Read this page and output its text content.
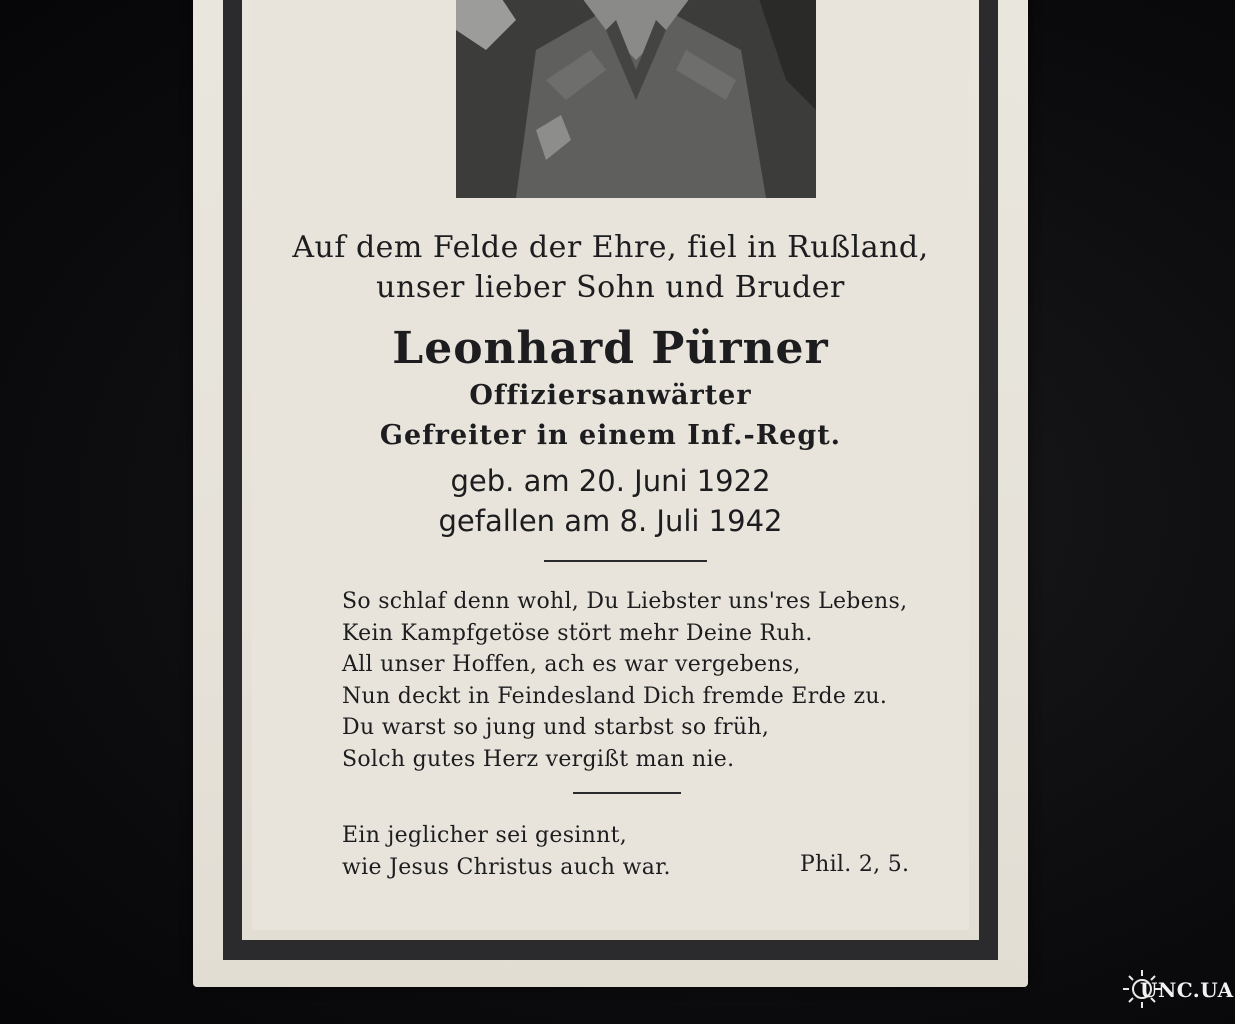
Auf dem Felde der Ehre, fiel in Rußland,
unser lieber Sohn und Bruder
Leonhard Pürner
Offiziersanwärter
Gefreiter in einem Inf.-Regt.
geb. am 20. Juni 1922
gefallen am 8. Juli 1942
So schlaf denn wohl, Du Liebster uns'res Lebens,
Kein Kampfgetöse stört mehr Deine Ruh.
All unser Hoffen, ach es war vergebens,
Nun deckt in Feindesland Dich fremde Erde zu.
Du warst so jung und starbst so früh,
Solch gutes Herz vergißt man nie.
Ein jeglicher sei gesinnt,
wie Jesus Christus auch war.	Phil. 2, 5.
UNC.UA
